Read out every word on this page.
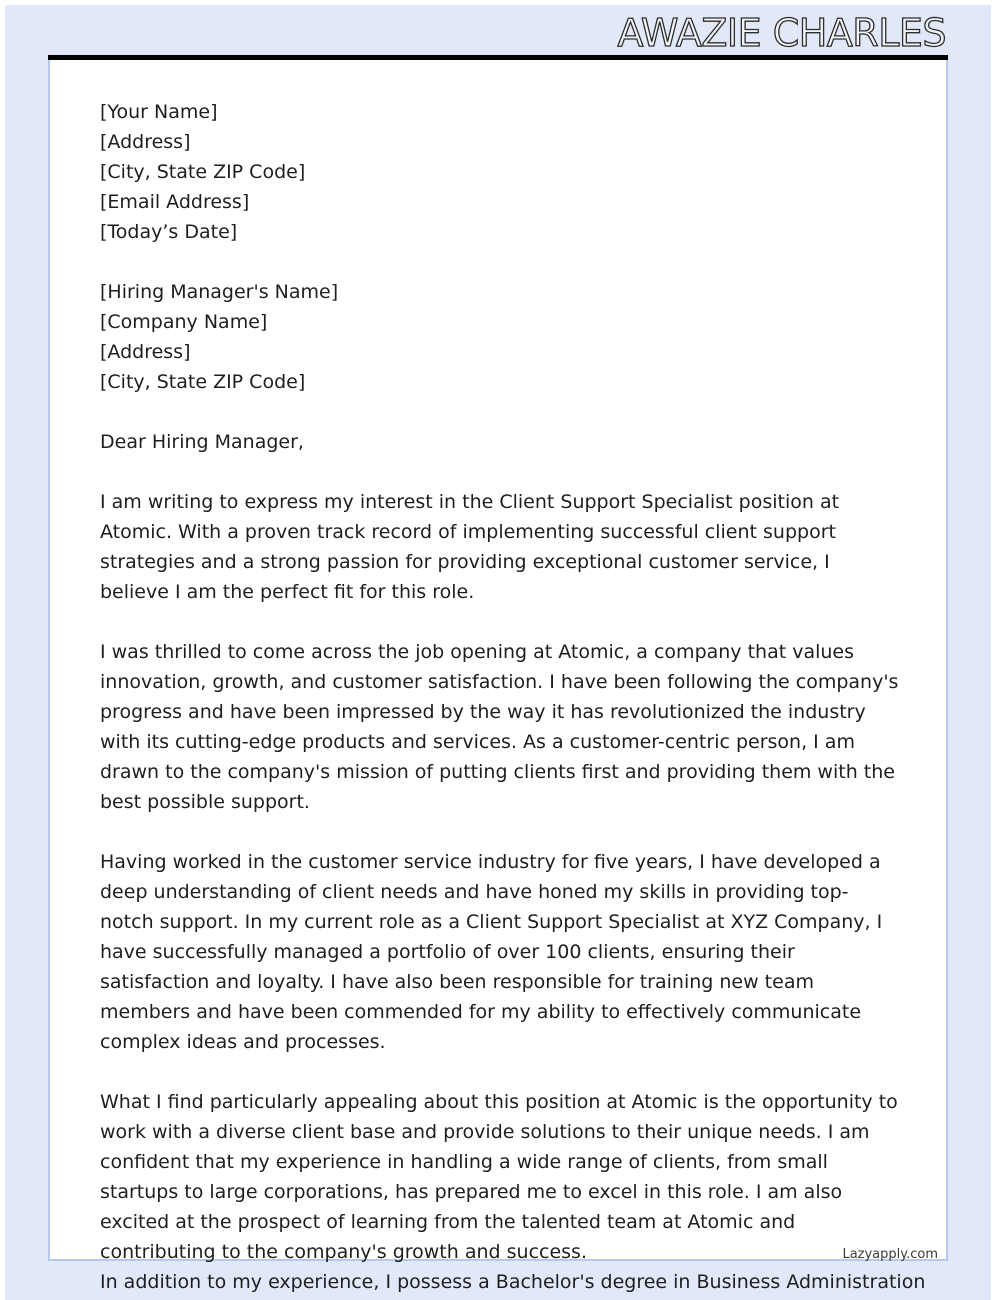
AWAZIE CHARLES
[Your Name]
[Address]
[City, State ZIP Code]
[Email Address]
[Today’s Date]
[Hiring Manager's Name]
[Company Name]
[Address]
[City, State ZIP Code]

Dear Hiring Manager,

I am writing to express my interest in the Client Support Specialist position at Atomic. With a proven track record of implementing successful client support strategies and a strong passion for providing exceptional customer service, I believe I am the perfect fit for this role.

I was thrilled to come across the job opening at Atomic, a company that values innovation, growth, and customer satisfaction. I have been following the company's progress and have been impressed by the way it has revolutionized the industry with its cutting-edge products and services. As a customer-centric person, I am drawn to the company's mission of putting clients first and providing them with the best possible support.

Having worked in the customer service industry for five years, I have developed a deep understanding of client needs and have honed my skills in providing top-notch support. In my current role as a Client Support Specialist at XYZ Company, I have successfully managed a portfolio of over 100 clients, ensuring their satisfaction and loyalty. I have also been responsible for training new team members and have been commended for my ability to effectively communicate complex ideas and processes.

What I find particularly appealing about this position at Atomic is the opportunity to work with a diverse client base and provide solutions to their unique needs. I am confident that my experience in handling a wide range of clients, from small startups to large corporations, has prepared me to excel in this role. I am also excited at the prospect of learning from the talented team at Atomic and contributing to the company's growth and success.	Lazyapply.com
In addition to my experience, I possess a Bachelor's degree in Business Administration
